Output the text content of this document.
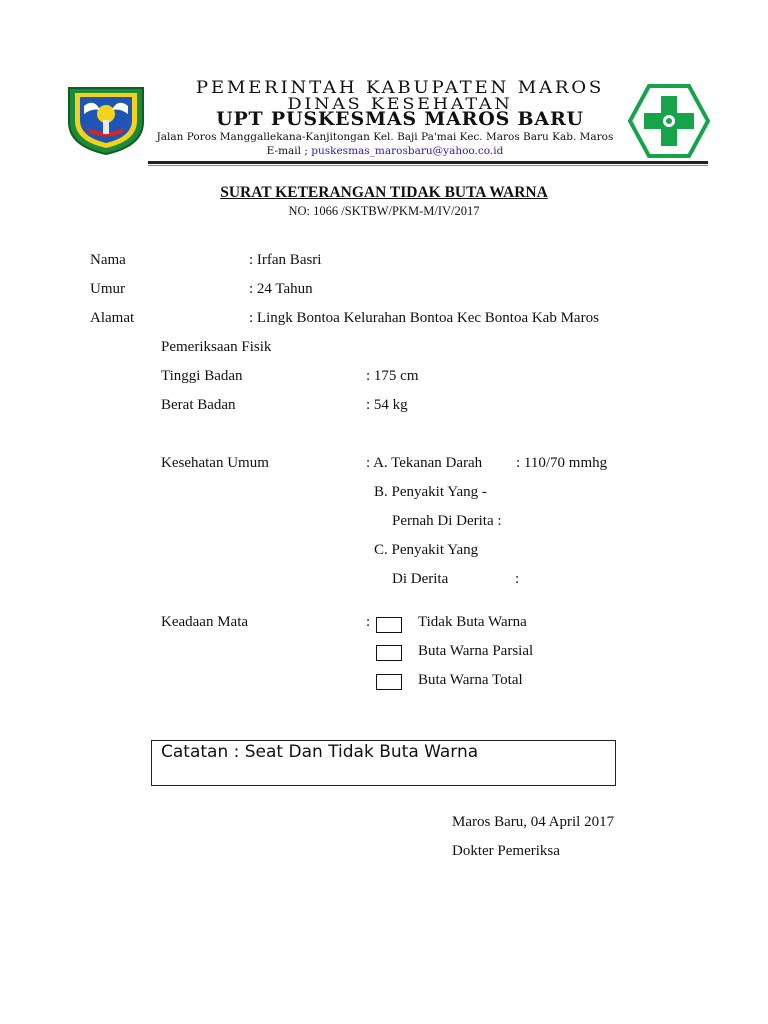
PEMERINTAH KABUPATEN MAROS
DINAS KESEHATAN
UPT PUSKESMAS MAROS BARU
Jalan Poros Manggallekana-Kanjitongan Kel. Baji Pa'mai Kec. Maros Baru Kab. Maros
E-mail ; puskesmas_marosbaru@yahoo.co.id
SURAT KETERANGAN TIDAK BUTA WARNA
NO: 1066 /SKTBW/PKM-M/IV/2017
Nama	: Irfan Basri
Umur	: 24 Tahun
Alamat	: Lingk Bontoa Kelurahan Bontoa Kec Bontoa Kab Maros
Pemeriksaan Fisik
Tinggi Badan	: 175 cm
Berat Badan	: 54 kg
Kesehatan Umum	: A. Tekanan Darah : 110/70 mmhg
B. Penyakit Yang -
Pernah Di Derita :
C. Penyakit Yang
Di Derita	:
Keadaan Mata	:	Tidak Buta Warna
Buta Warna Parsial
Buta Warna Total
Catatan : Seat Dan Tidak Buta Warna
Maros Baru, 04 April 2017
Dokter Pemeriksa
